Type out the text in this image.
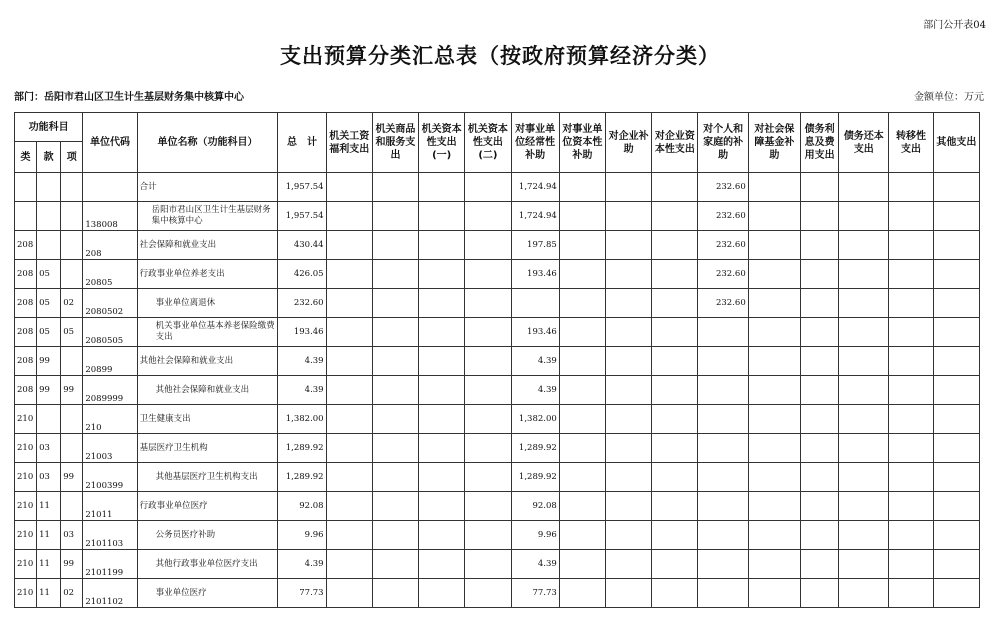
部门公开表04
支出预算分类汇总表（按政府预算经济分类）
部门：岳阳市君山区卫生计生基层财务集中核算中心	金额单位：万元
功能科目			单位代码	单位名称（功能科目）	总　计	机关工资福利支出	机关商品和服务支出	机关资本性支出(一)	机关资本性支出(二)	对事业单位经常性补助	对事业单位资本性补助	对企业补助	对企业资本性支出	对个人和家庭的补助	对社会保障基金补助	债务利息及费用支出	债务还本支出	转移性支出	其他支出
类	款	项																	
				合计	1,957.54					1,724.94				232.60					
			138008	岳阳市君山区卫生计生基层财务集中核算中心	1,957.54					1,724.94				232.60					
208			208	社会保障和就业支出	430.44					197.85				232.60					
208	05		20805	行政事业单位养老支出	426.05					193.46				232.60					
208	05	02	2080502	事业单位离退休	232.60									232.60					
208	05	05	2080505	机关事业单位基本养老保险缴费支出	193.46					193.46									
208	99		20899	其他社会保障和就业支出	4.39					4.39									
208	99	99	2089999	其他社会保障和就业支出	4.39					4.39									
210			210	卫生健康支出	1,382.00					1,382.00									
210	03		21003	基层医疗卫生机构	1,289.92					1,289.92									
210	03	99	2100399	其他基层医疗卫生机构支出	1,289.92					1,289.92									
210	11		21011	行政事业单位医疗	92.08					92.08									
210	11	03	2101103	公务员医疗补助	9.96					9.96									
210	11	99	2101199	其他行政事业单位医疗支出	4.39					4.39									
210	11	02	2101102	事业单位医疗	77.73					77.73									
